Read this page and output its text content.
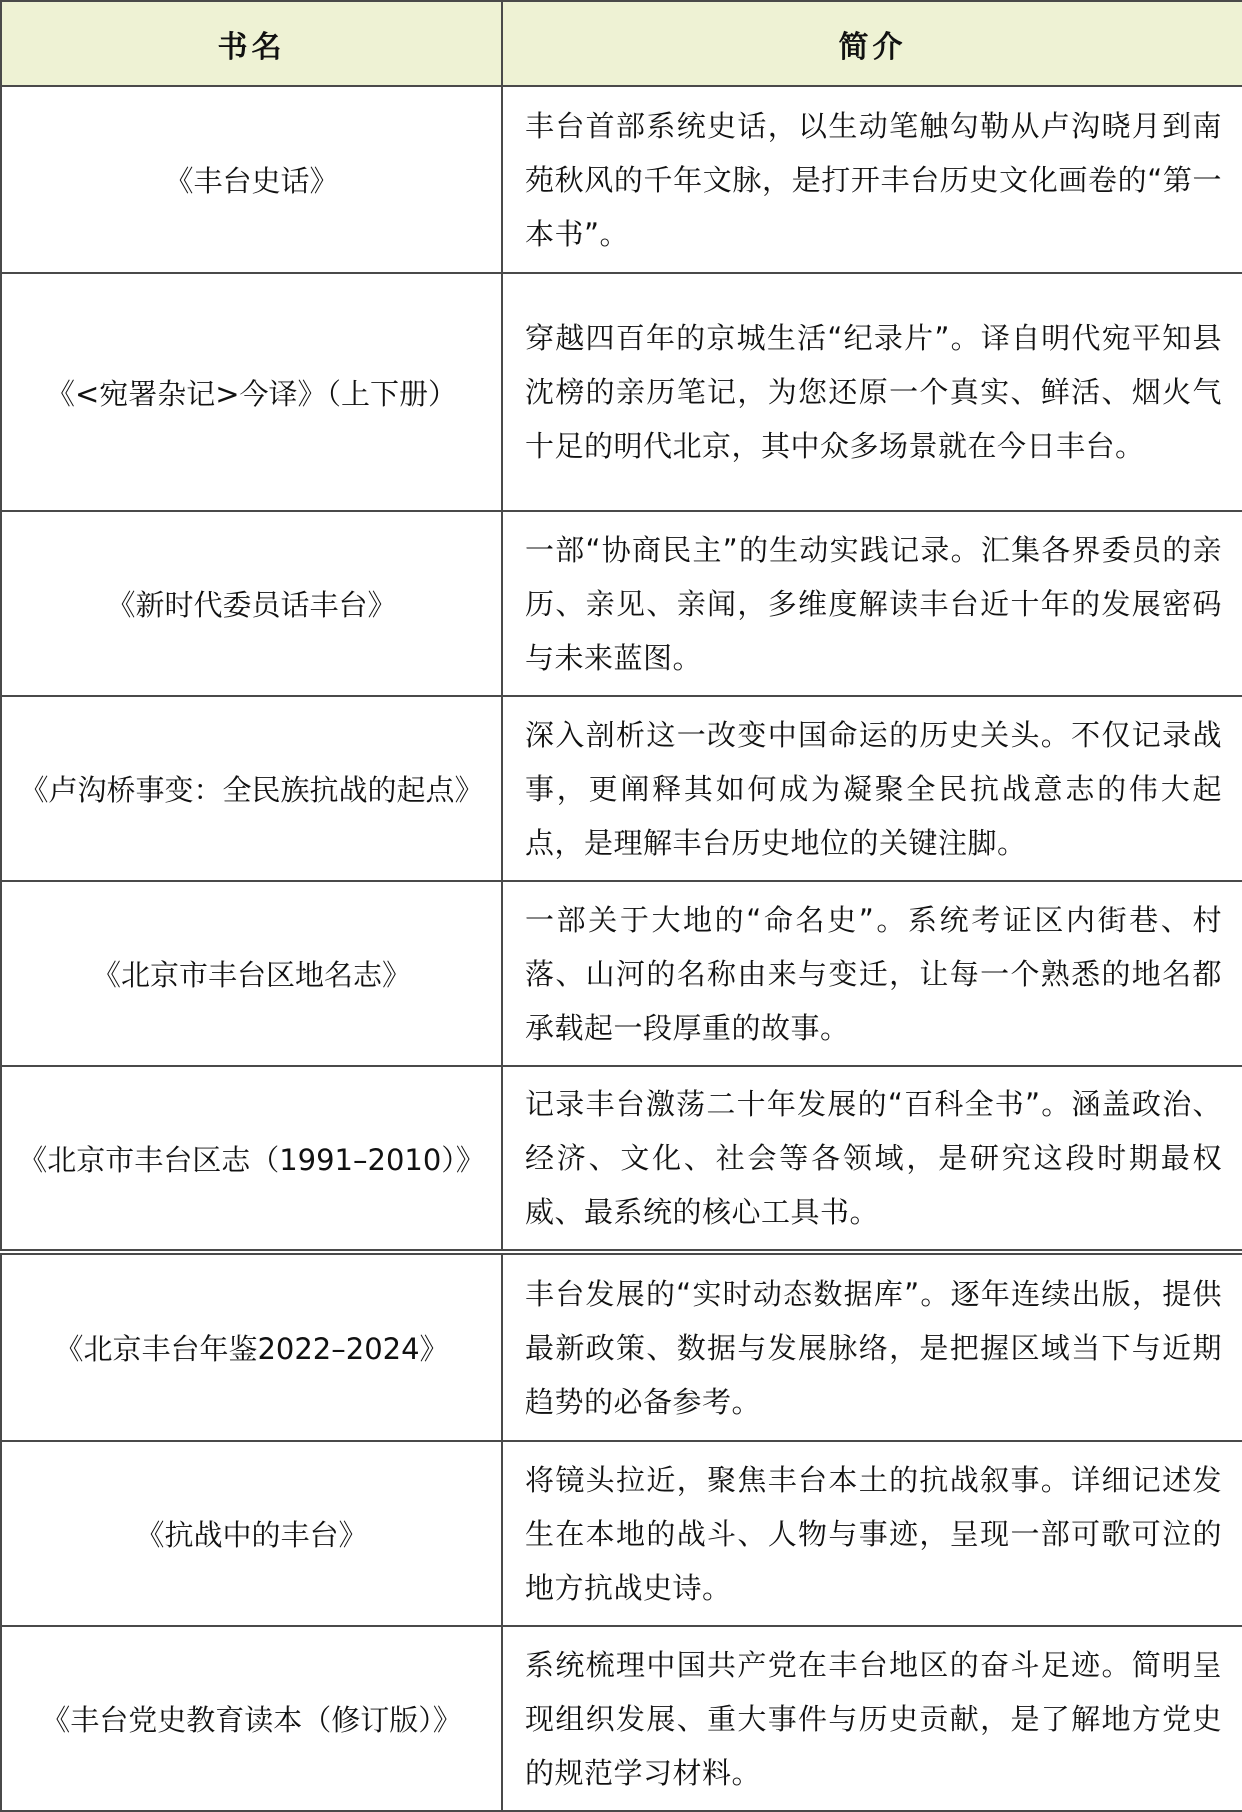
书名	简介
《丰台史话》	丰台首部系统史话，以生动笔触勾勒从卢沟晓月到南苑秋风的千年文脉，是打开丰台历史文化画卷的“第一本书”。
《<宛署杂记>今译》（上下册）	穿越四百年的京城生活“纪录片”。译自明代宛平知县沈榜的亲历笔记，为您还原一个真实、鲜活、烟火气十足的明代北京，其中众多场景就在今日丰台。
《新时代委员话丰台》	一部“协商民主”的生动实践记录。汇集各界委员的亲历、亲见、亲闻，多维度解读丰台近十年的发展密码与未来蓝图。
《卢沟桥事变：全民族抗战的起点》	深入剖析这一改变中国命运的历史关头。不仅记录战事，更阐释其如何成为凝聚全民抗战意志的伟大起点，是理解丰台历史地位的关键注脚。
《北京市丰台区地名志》	一部关于大地的“命名史”。系统考证区内街巷、村落、山河的名称由来与变迁，让每一个熟悉的地名都承载起一段厚重的故事。
《北京市丰台区志（1991–2010）》	记录丰台激荡二十年发展的“百科全书”。涵盖政治、经济、文化、社会等各领域，是研究这段时期最权威、最系统的核心工具书。
《北京丰台年鉴2022–2024》	丰台发展的“实时动态数据库”。逐年连续出版，提供最新政策、数据与发展脉络，是把握区域当下与近期趋势的必备参考。
《抗战中的丰台》	将镜头拉近，聚焦丰台本土的抗战叙事。详细记述发生在本地的战斗、人物与事迹，呈现一部可歌可泣的地方抗战史诗。
《丰台党史教育读本（修订版）》	系统梳理中国共产党在丰台地区的奋斗足迹。简明呈现组织发展、重大事件与历史贡献，是了解地方党史的规范学习材料。
